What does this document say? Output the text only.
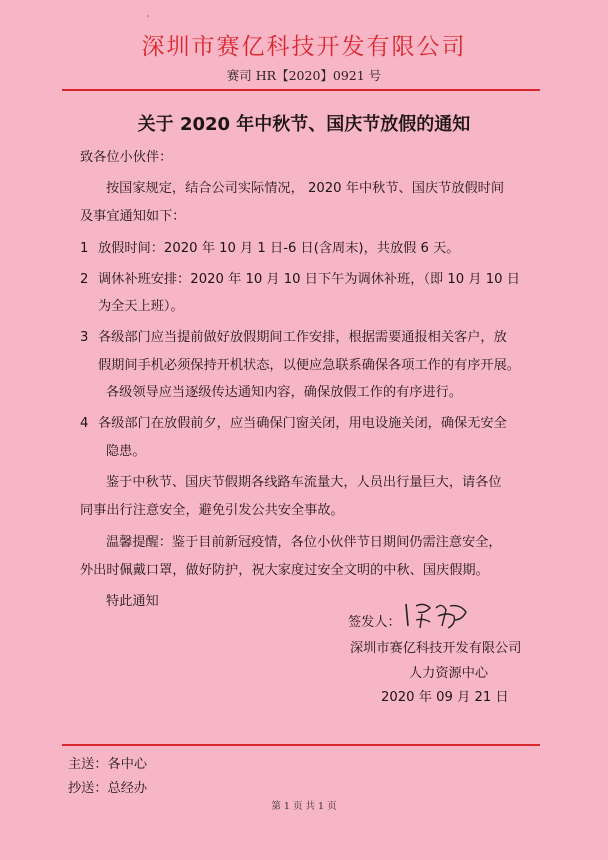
'
深圳市赛亿科技开发有限公司
赛司 HR【2020】0921 号
关于 2020 年中秋节、国庆节放假的通知
致各位小伙伴：
按国家规定，结合公司实际情况， 2020 年中秋节、国庆节放假时间
及事宜通知如下：
1 放假时间：2020 年 10 月 1 日-6 日(含周末)，共放假 6 天。
2 调休补班安排：2020 年 10 月 10 日下午为调休补班，（即 10 月 10 日
为全天上班）。
3 各级部门应当提前做好放假期间工作安排，根据需要通报相关客户，放
假期间手机必须保持开机状态，以便应急联系确保各项工作的有序开展。
各级领导应当逐级传达通知内容，确保放假工作的有序进行。
4 各级部门在放假前夕，应当确保门窗关闭，用电设施关闭，确保无安全
隐患。
鉴于中秋节、国庆节假期各线路车流量大，人员出行量巨大，请各位
同事出行注意安全，避免引发公共安全事故。
温馨提醒：鉴于目前新冠疫情，各位小伙伴节日期间仍需注意安全，
外出时佩戴口罩，做好防护，祝大家度过安全文明的中秋、国庆假期。
特此通知
签发人：
深圳市赛亿科技开发有限公司
人力资源中心
2020 年 09 月 21 日
主送：各中心
抄送：总经办
第 1 页 共 1 页
